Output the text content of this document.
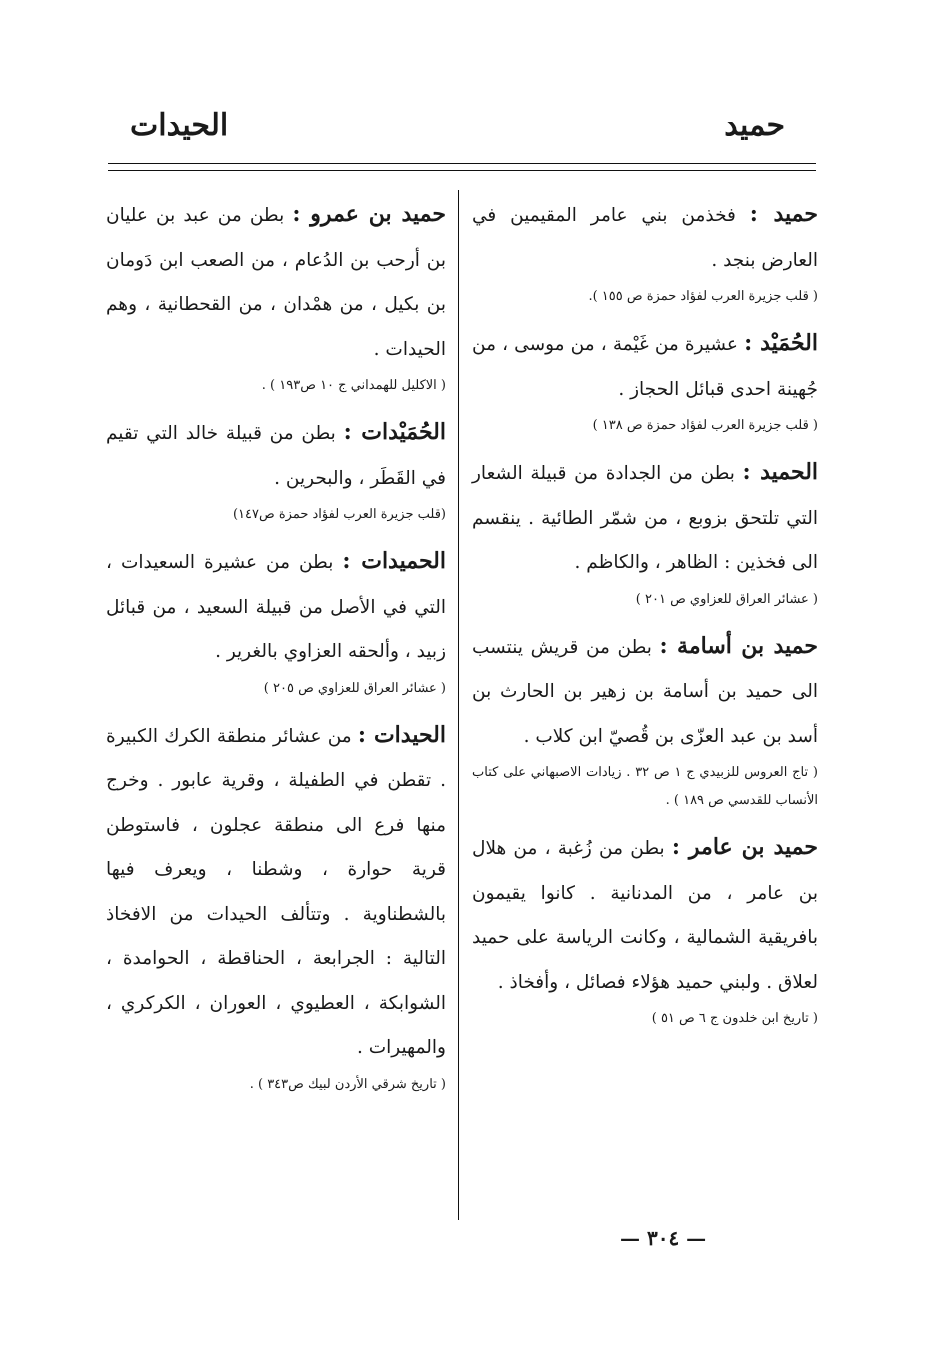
حميد
الحيدات

حميد : فخذمن بني عامر المقيمين في العارض بنجد .

( قلب جزيرة العرب لفؤاد حمزة ص ١٥٥ ).

الحُمَيْد : عشيرة من غَيْمة ، من موسى ، من جُهينة احدى قبائل الحجاز .

( قلب جزيرة العرب لفؤاد حمزة ص ١٣٨ )

الحميد : بطن من الجدادة من قبيلة الشعار التي تلتحق بزوبع ، من شمّر الطائية . ينقسم الى فخذين : الظاهر ، والكاظم .

( عشائر العراق للعزاوي ص ٢٠١ )

حميد بن أسامة : بطن من قريش ينتسب الى حميد بن أسامة بن زهير بن الحارث بن أسد بن عبد العزّى بن قُصيّ ابن كلاب .

( تاج العروس للزبيدي ج ١ ص ٣٢ . زيادات الاصبهاني على كتاب الأنساب للقدسي ص ١٨٩ ) .

حميد بن عامر : بطن من زُغبة ، من هلال بن عامر ، من المدنانية . كانوا يقيمون بافريقية الشمالية ، وكانت الرياسة على حميد لعلاق . ولبني حميد هؤلاء فصائل ، وأفخاذ .

( تاريخ ابن خلدون ج ٦ ص ٥١ )

حميد بن عمرو : بطن من عبد بن عليان بن أرحب بن الدُعام ، من الصعب ابن دَومان بن بكيل ، من همْدان ، من القحطانية ، وهم الحيدات .

( الاكليل للهمداني ج ١٠ ص١٩٣ ) .

الحُمَيْدات : بطن من قبيلة خالد التي تقيم في القَطَر ، والبحرين .

(قلب جزيرة العرب لفؤاد حمزة ص١٤٧)

الحميدات : بطن من عشيرة السعيدات ، التي في الأصل من قبيلة السعيد ، من قبائل زبيد ، وألحقه العزاوي بالغرير .

( عشائر العراق للعزاوي ص ٢٠٥ )

الحيدات : من عشائر منطقة الكرك الكبيرة . تقطن في الطفيلة ، وقرية عابور . وخرج منها فرع الى منطقة عجلون ، فاستوطن قرية حوارة ، وشطنا ، ويعرف فيها بالشطناوية . وتتألف الحيدات من الافخاذ التالية : الجرابعة ، الحناقطة ، الحوامدة ، الشوابكة ، العطيوي ، العوران ، الكركري ، والمهيرات .

( تاريخ شرقي الأردن لبيك ص٣٤٣ ) .
— ٣٠٤ —
